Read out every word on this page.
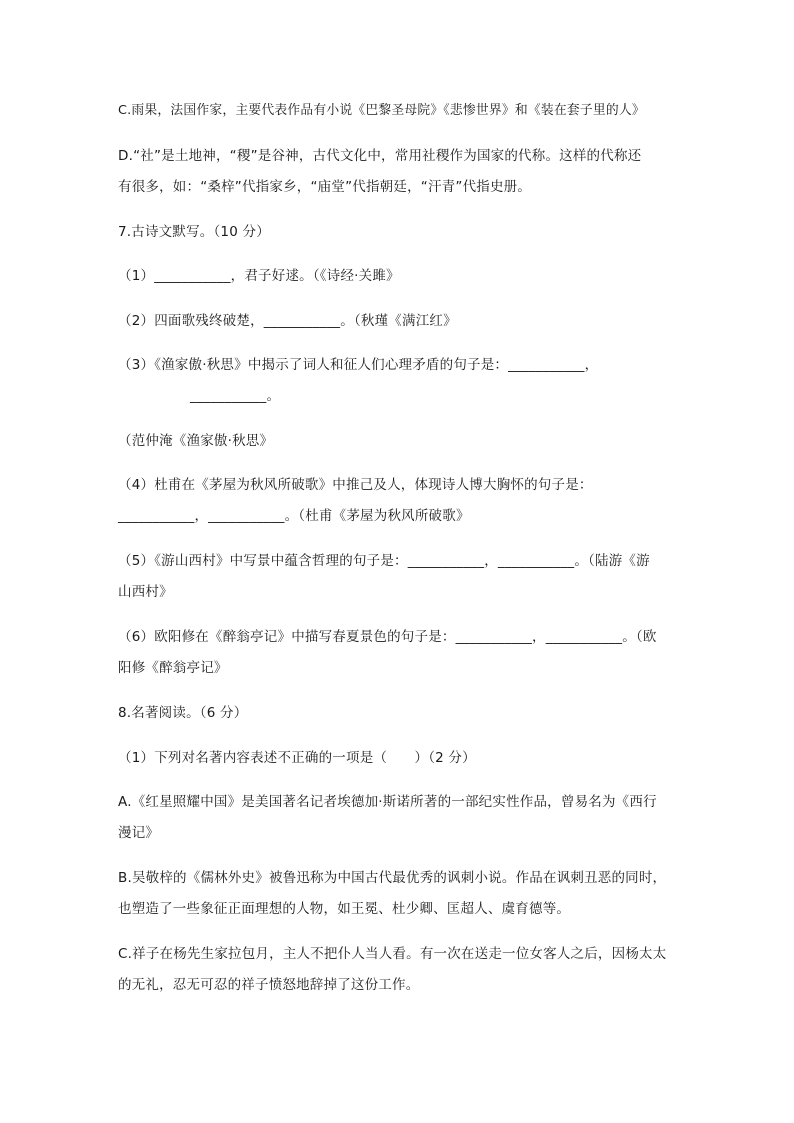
C.雨果，法国作家，主要代表作品有小说《巴黎圣母院》《悲惨世界》和《装在套子里的人》
D.“社”是土地神，“稷”是谷神，古代文化中，常用社稷作为国家的代称。这样的代称还
有很多，如：“桑梓”代指家乡，“庙堂”代指朝廷，“汗青”代指史册。
7.古诗文默写。（10 分）
（1）___________，君子好逑。（《诗经·关雎》
（2）四面歌残终破楚，___________。（秋瑾《满江红》
（3）《渔家傲·秋思》中揭示了词人和征人们心理矛盾的句子是：___________，
___________。
（范仲淹《渔家傲·秋思》
（4）杜甫在《茅屋为秋风所破歌》中推己及人，体现诗人博大胸怀的句子是：
___________，___________。（杜甫《茅屋为秋风所破歌》
（5）《游山西村》中写景中蕴含哲理的句子是：___________，___________。（陆游《游
山西村》
（6）欧阳修在《醉翁亭记》中描写春夏景色的句子是：___________，___________。（欧
阳修《醉翁亭记》
8.名著阅读。（6 分）
（1）下列对名著内容表述不正确的一项是（　　）（2 分）
A.《红星照耀中国》是美国著名记者埃德加·斯诺所著的一部纪实性作品，曾易名为《西行
漫记》
B.吴敬梓的《儒林外史》被鲁迅称为中国古代最优秀的讽刺小说。作品在讽刺丑恶的同时，
也塑造了一些象征正面理想的人物，如王冕、杜少卿、匡超人、虞育德等。
C.祥子在杨先生家拉包月，主人不把仆人当人看。有一次在送走一位女客人之后，因杨太太
的无礼，忍无可忍的祥子愤怒地辞掉了这份工作。
